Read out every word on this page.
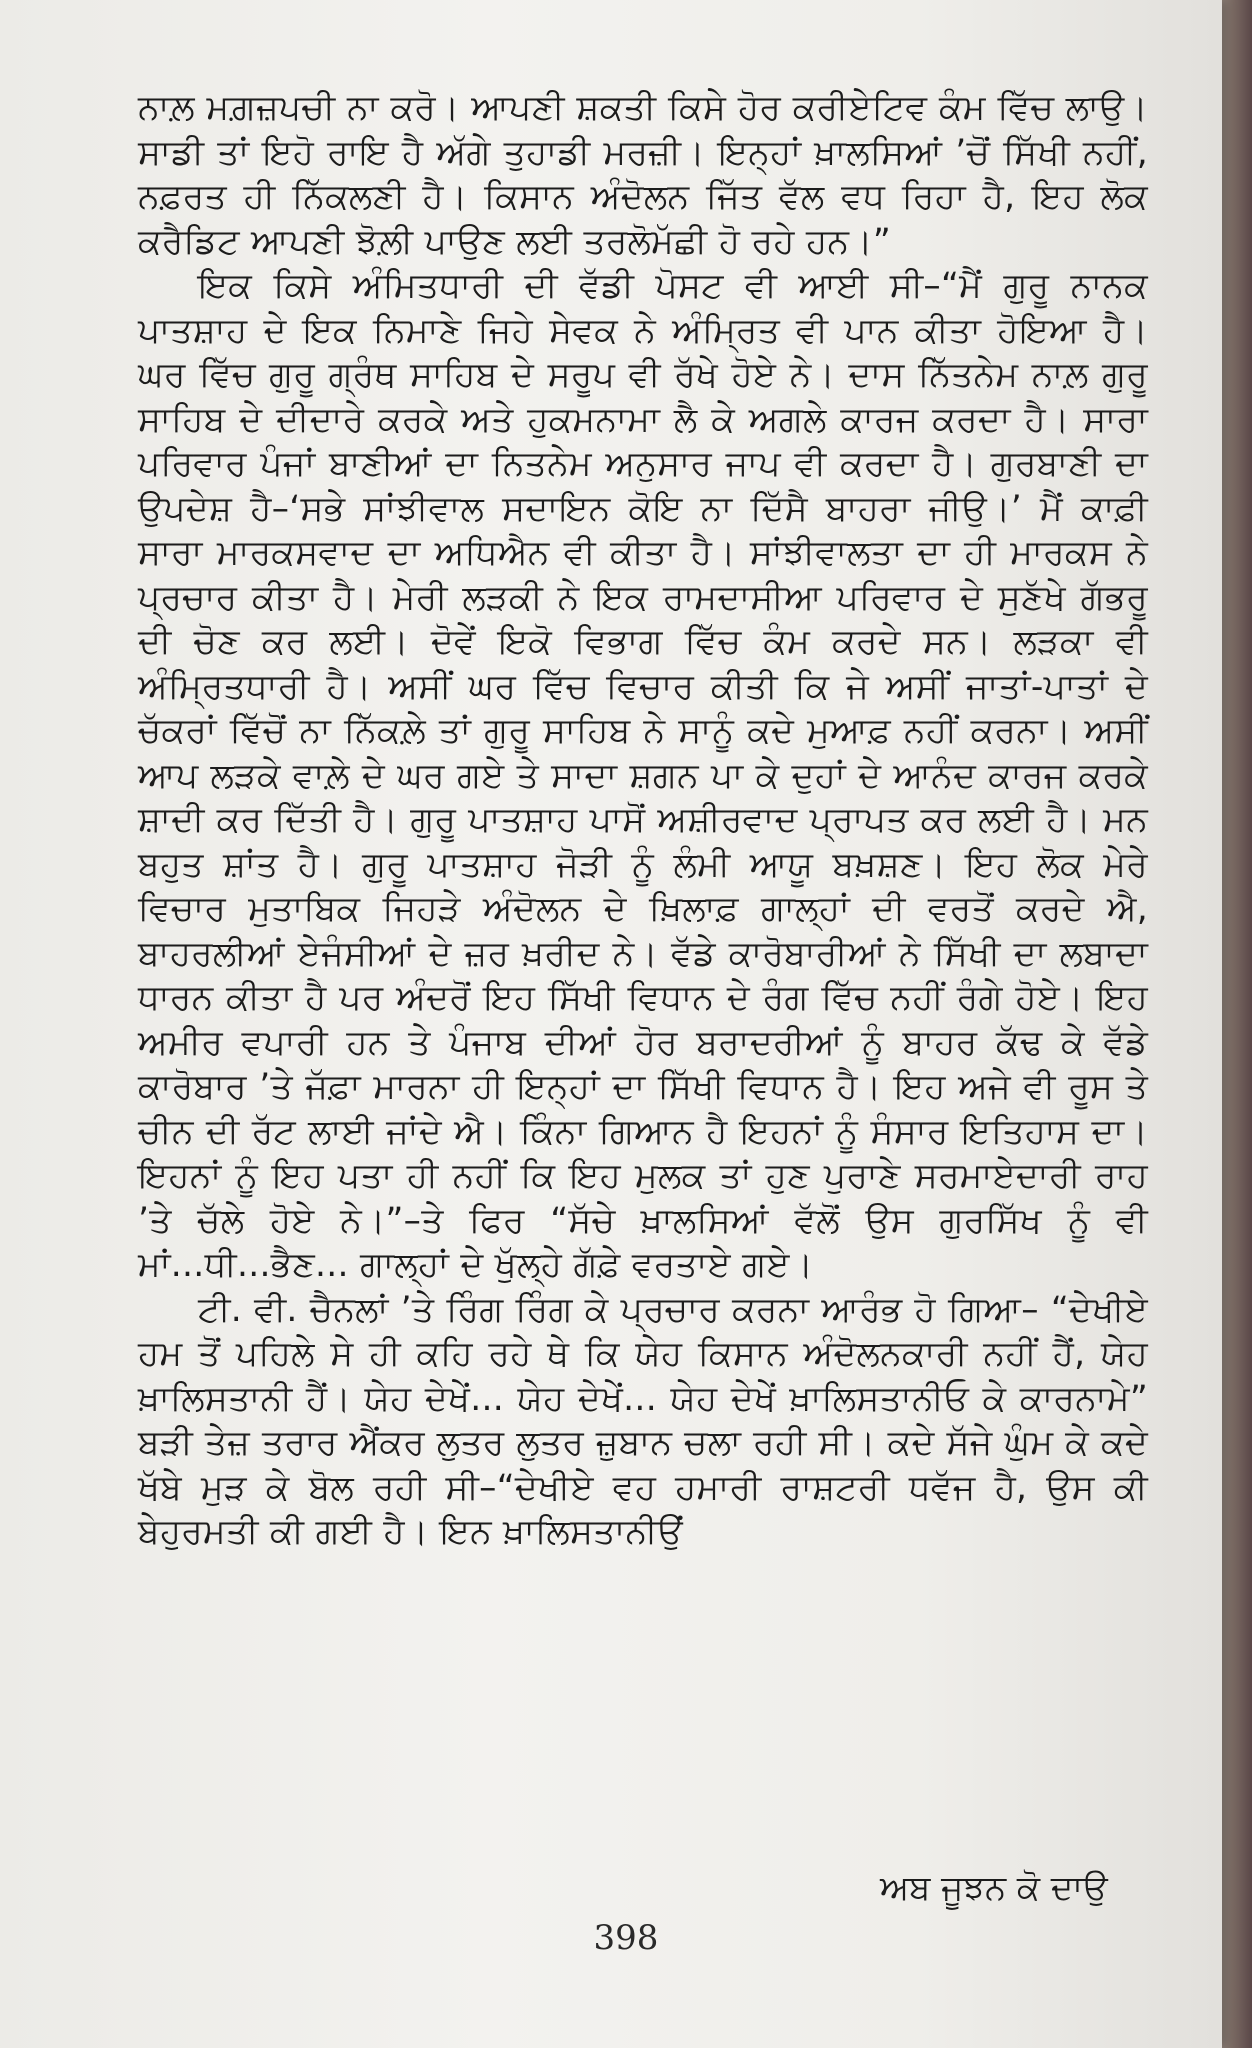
ਨਾਲ਼ ਮਗ਼ਜ਼ਪਚੀ ਨਾ ਕਰੋ। ਆਪਣੀ ਸ਼ਕਤੀ ਕਿਸੇ ਹੋਰ ਕਰੀਏਟਿਵ ਕੰਮ ਵਿੱਚ ਲਾਉ। ਸਾਡੀ ਤਾਂ ਇਹੋ ਰਾਇ ਹੈ ਅੱਗੇ ਤੁਹਾਡੀ ਮਰਜ਼ੀ। ਇਨ੍ਹਾਂ ਖ਼ਾਲਸਿਆਂ ’ਚੋਂ ਸਿੱਖੀ ਨਹੀਂ, ਨਫ਼ਰਤ ਹੀ ਨਿੱਕਲਣੀ ਹੈ। ਕਿਸਾਨ ਅੰਦੋਲਨ ਜਿੱਤ ਵੱਲ ਵਧ ਰਿਹਾ ਹੈ, ਇਹ ਲੋਕ ਕਰੈਡਿਟ ਆਪਣੀ ਝੋਲ਼ੀ ਪਾਉਣ ਲਈ ਤਰਲੋਮੱਛੀ ਹੋ ਰਹੇ ਹਨ।”

ਇਕ ਕਿਸੇ ਅੰਮਿਤਧਾਰੀ ਦੀ ਵੱਡੀ ਪੋਸਟ ਵੀ ਆਈ ਸੀ–“ਮੈਂ ਗੁਰੂ ਨਾਨਕ ਪਾਤਸ਼ਾਹ ਦੇ ਇਕ ਨਿਮਾਣੇ ਜਿਹੇ ਸੇਵਕ ਨੇ ਅੰਮ੍ਰਿਤ ਵੀ ਪਾਨ ਕੀਤਾ ਹੋਇਆ ਹੈ। ਘਰ ਵਿੱਚ ਗੁਰੂ ਗ੍ਰੰਥ ਸਾਹਿਬ ਦੇ ਸਰੂਪ ਵੀ ਰੱਖੇ ਹੋਏ ਨੇ। ਦਾਸ ਨਿੱਤਨੇਮ ਨਾਲ਼ ਗੁਰੂ ਸਾਹਿਬ ਦੇ ਦੀਦਾਰੇ ਕਰਕੇ ਅਤੇ ਹੁਕਮਨਾਮਾ ਲੈ ਕੇ ਅਗਲੇ ਕਾਰਜ ਕਰਦਾ ਹੈ। ਸਾਰਾ ਪਰਿਵਾਰ ਪੰਜਾਂ ਬਾਣੀਆਂ ਦਾ ਨਿਤਨੇਮ ਅਨੁਸਾਰ ਜਾਪ ਵੀ ਕਰਦਾ ਹੈ। ਗੁਰਬਾਣੀ ਦਾ ਉਪਦੇਸ਼ ਹੈ–‘ਸਭੇ ਸਾਂਝੀਵਾਲ ਸਦਾਇਨ ਕੋਇ ਨਾ ਦਿੱਸੈ ਬਾਹਰਾ ਜੀਉ।’ ਮੈਂ ਕਾਫ਼ੀ ਸਾਰਾ ਮਾਰਕਸਵਾਦ ਦਾ ਅਧਿਐਨ ਵੀ ਕੀਤਾ ਹੈ। ਸਾਂਝੀਵਾਲਤਾ ਦਾ ਹੀ ਮਾਰਕਸ ਨੇ ਪ੍ਰਚਾਰ ਕੀਤਾ ਹੈ। ਮੇਰੀ ਲੜਕੀ ਨੇ ਇਕ ਰਾਮਦਾਸੀਆ ਪਰਿਵਾਰ ਦੇ ਸੁਣੱਖੇ ਗੱਭਰੂ ਦੀ ਚੋਣ ਕਰ ਲਈ। ਦੋਵੇਂ ਇਕੋ ਵਿਭਾਗ ਵਿੱਚ ਕੰਮ ਕਰਦੇ ਸਨ। ਲੜਕਾ ਵੀ ਅੰਮ੍ਰਿਤਧਾਰੀ ਹੈ। ਅਸੀਂ ਘਰ ਵਿੱਚ ਵਿਚਾਰ ਕੀਤੀ ਕਿ ਜੇ ਅਸੀਂ ਜਾਤਾਂ-ਪਾਤਾਂ ਦੇ ਚੱਕਰਾਂ ਵਿੱਚੋਂ ਨਾ ਨਿੱਕਲ਼ੇ ਤਾਂ ਗੁਰੂ ਸਾਹਿਬ ਨੇ ਸਾਨੂੰ ਕਦੇ ਮੁਆਫ਼ ਨਹੀਂ ਕਰਨਾ। ਅਸੀਂ ਆਪ ਲੜਕੇ ਵਾਲ਼ੇ ਦੇ ਘਰ ਗਏ ਤੇ ਸਾਦਾ ਸ਼ਗਨ ਪਾ ਕੇ ਦੁਹਾਂ ਦੇ ਆਨੰਦ ਕਾਰਜ ਕਰਕੇ ਸ਼ਾਦੀ ਕਰ ਦਿੱਤੀ ਹੈ। ਗੁਰੂ ਪਾਤਸ਼ਾਹ ਪਾਸੋਂ ਅਸ਼ੀਰਵਾਦ ਪ੍ਰਾਪਤ ਕਰ ਲਈ ਹੈ। ਮਨ ਬਹੁਤ ਸ਼ਾਂਤ ਹੈ। ਗੁਰੂ ਪਾਤਸ਼ਾਹ ਜੋੜੀ ਨੂੰ ਲੰਮੀ ਆਯੂ ਬਖ਼ਸ਼ਣ। ਇਹ ਲੋਕ ਮੇਰੇ ਵਿਚਾਰ ਮੁਤਾਬਿਕ ਜਿਹੜੇ ਅੰਦੋਲਨ ਦੇ ਖ਼ਿਲਾਫ਼ ਗਾਲ੍ਹਾਂ ਦੀ ਵਰਤੋਂ ਕਰਦੇ ਐ, ਬਾਹਰਲੀਆਂ ਏਜੰਸੀਆਂ ਦੇ ਜ਼ਰ ਖ਼ਰੀਦ ਨੇ। ਵੱਡੇ ਕਾਰੋਬਾਰੀਆਂ ਨੇ ਸਿੱਖੀ ਦਾ ਲਬਾਦਾ ਧਾਰਨ ਕੀਤਾ ਹੈ ਪਰ ਅੰਦਰੋਂ ਇਹ ਸਿੱਖੀ ਵਿਧਾਨ ਦੇ ਰੰਗ ਵਿੱਚ ਨਹੀਂ ਰੰਗੇ ਹੋਏ। ਇਹ ਅਮੀਰ ਵਪਾਰੀ ਹਨ ਤੇ ਪੰਜਾਬ ਦੀਆਂ ਹੋਰ ਬਰਾਦਰੀਆਂ ਨੂੰ ਬਾਹਰ ਕੱਢ ਕੇ ਵੱਡੇ ਕਾਰੋਬਾਰ ’ਤੇ ਜੱਫ਼ਾ ਮਾਰਨਾ ਹੀ ਇਨ੍ਹਾਂ ਦਾ ਸਿੱਖੀ ਵਿਧਾਨ ਹੈ। ਇਹ ਅਜੇ ਵੀ ਰੂਸ ਤੇ ਚੀਨ ਦੀ ਰੱਟ ਲਾਈ ਜਾਂਦੇ ਐ। ਕਿੰਨਾ ਗਿਆਨ ਹੈ ਇਹਨਾਂ ਨੂੰ ਸੰਸਾਰ ਇਤਿਹਾਸ ਦਾ। ਇਹਨਾਂ ਨੂੰ ਇਹ ਪਤਾ ਹੀ ਨਹੀਂ ਕਿ ਇਹ ਮੁਲਕ ਤਾਂ ਹੁਣ ਪੁਰਾਣੇ ਸਰਮਾਏਦਾਰੀ ਰਾਹ ’ਤੇ ਚੱਲੇ ਹੋਏ ਨੇ।”–ਤੇ ਫਿਰ “ਸੱਚੇ ਖ਼ਾਲਸਿਆਂ ਵੱਲੋਂ ਉਸ ਗੁਰਸਿੱਖ ਨੂੰ ਵੀ ਮਾਂ...ਧੀ...ਭੈਣ... ਗਾਲ੍ਹਾਂ ਦੇ ਖੁੱਲ੍ਹੇ ਗੱਫ਼ੇ ਵਰਤਾਏ ਗਏ।

ਟੀ. ਵੀ. ਚੈਨਲਾਂ ’ਤੇ ਰਿੰਗ ਰਿੰਗ ਕੇ ਪ੍ਰਚਾਰ ਕਰਨਾ ਆਰੰਭ ਹੋ ਗਿਆ– “ਦੇਖੀਏ ਹਮ ਤੋਂ ਪਹਿਲੇ ਸੇ ਹੀ ਕਹਿ ਰਹੇ ਥੇ ਕਿ ਯੇਹ ਕਿਸਾਨ ਅੰਦੋਲਨਕਾਰੀ ਨਹੀਂ ਹੈਂ, ਯੇਹ ਖ਼ਾਲਿਸਤਾਨੀ ਹੈਂ। ਯੇਹ ਦੇਖੇਂ... ਯੇਹ ਦੇਖੇਂ... ਯੇਹ ਦੇਖੇਂ ਖ਼ਾਲਿਸਤਾਨੀਓ ਕੇ ਕਾਰਨਾਮੇ” ਬੜੀ ਤੇਜ਼ ਤਰਾਰ ਐਂਕਰ ਲੁਤਰ ਲੁਤਰ ਜ਼ੁਬਾਨ ਚਲਾ ਰਹੀ ਸੀ। ਕਦੇ ਸੱਜੇ ਘੁੰਮ ਕੇ ਕਦੇ ਖੱਬੇ ਮੁੜ ਕੇ ਬੋਲ ਰਹੀ ਸੀ–“ਦੇਖੀਏ ਵਹ ਹਮਾਰੀ ਰਾਸ਼ਟਰੀ ਧਵੱਜ ਹੈ, ਉਸ ਕੀ ਬੇਹੁਰਮਤੀ ਕੀ ਗਈ ਹੈ। ਇਨ ਖ਼ਾਲਿਸਤਾਨੀਉਂ

ਅਬ ਜੂਝਨ ਕੋ ਦਾਉ
398
